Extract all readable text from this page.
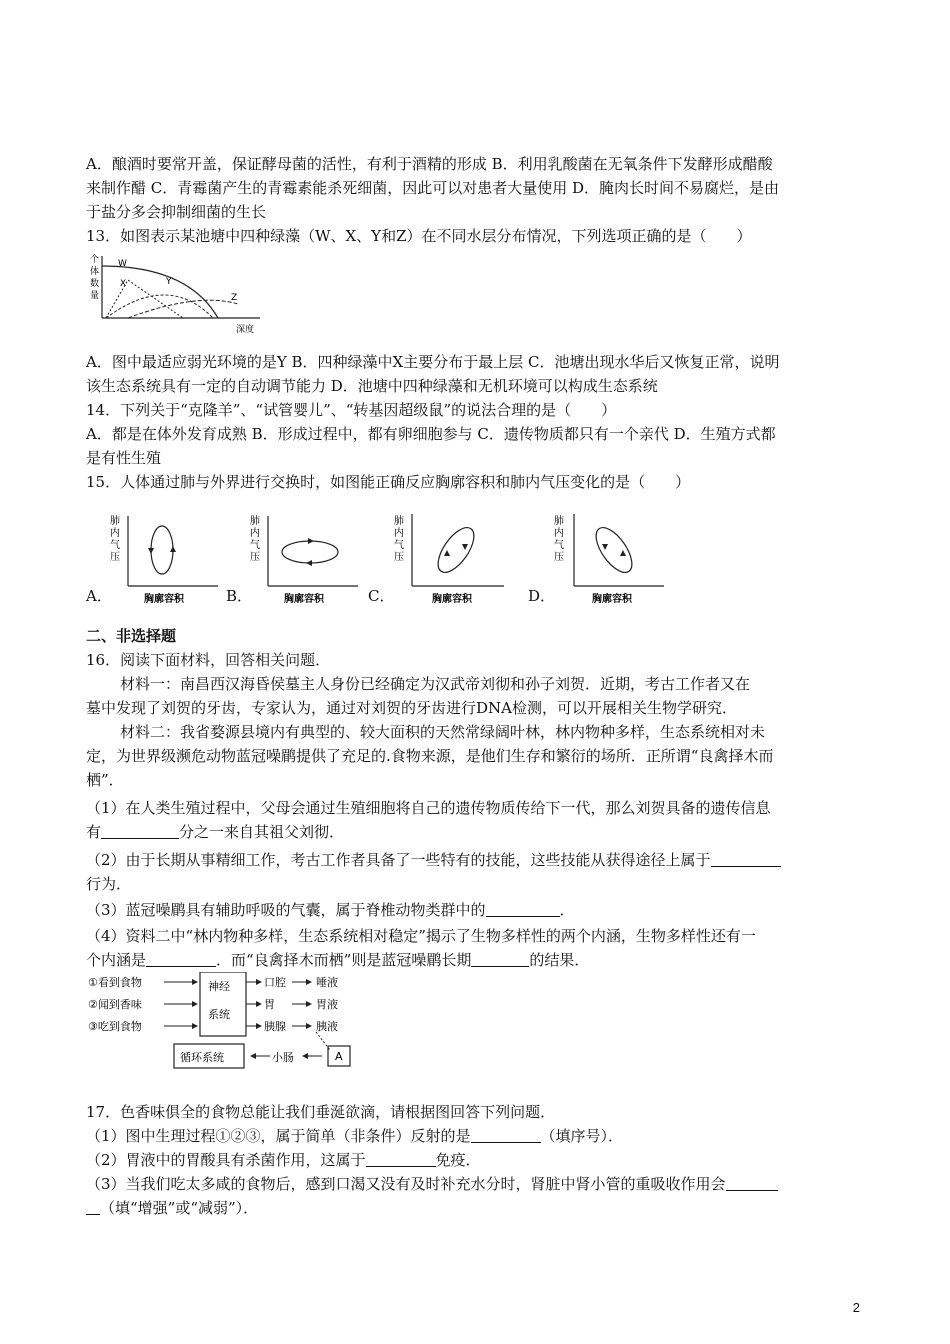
A．酿酒时要常开盖，保证酵母菌的活性，有利于酒精的形成 B．利用乳酸菌在无氧条件下发酵形成醋酸
来制作醋 C．青霉菌产生的青霉素能杀死细菌，因此可以对患者大量使用 D．腌肉长时间不易腐烂，是由
于盐分多会抑制细菌的生长
13．如图表示某池塘中四种绿藻（W、X、Y和Z）在不同水层分布情况，下列选项正确的是（　　）
个
体
数
量
W
X	Y
Z
深度
A．图中最适应弱光环境的是Y B．四种绿藻中X主要分布于最上层 C．池塘出现水华后又恢复正常，说明
该生态系统具有一定的自动调节能力 D．池塘中四种绿藻和无机环境可以构成生态系统
14．下列关于“克隆羊”、“试管婴儿”、“转基因超级鼠”的说法合理的是（　　）
A．都是在体外发育成熟 B．形成过程中，都有卵细胞参与 C．遗传物质都只有一个亲代 D．生殖方式都
是有性生殖
15．人体通过肺与外界进行交换时，如图能正确反应胸廓容积和肺内气压变化的是（　　）
A．
肺
内
气
压
胸廓容积	B．
肺
内
气
压
胸廓容积	C．
肺
内
气
压
胸廓容积	D．
肺
内
气
压
胸廓容积
二、非选择题
16．阅读下面材料，回答相关问题．
材料一：南昌西汉海昏侯墓主人身份已经确定为汉武帝刘彻和孙子刘贺．近期，考古工作者又在
墓中发现了刘贺的牙齿，专家认为，通过对刘贺的牙齿进行DNA检测，可以开展相关生物学研究．
材料二：我省婺源县境内有典型的、较大面积的天然常绿阔叶林，林内物种多样，生态系统相对未
定，为世界级濒危动物蓝冠噪鹛提供了充足的.食物来源，是他们生存和繁衍的场所．正所谓“良禽择木而
栖”．
（1）在人类生殖过程中，父母会通过生殖细胞将自己的遗传物质传给下一代，那么刘贺具备的遗传信息
有	分之一来自其祖父刘彻．
（2）由于长期从事精细工作，考古工作者具备了一些特有的技能，这些技能从获得途径上属于
行为．
（3）蓝冠噪鹛具有辅助呼吸的气囊，属于脊椎动物类群中的	．
（4）资料二中“林内物种多样，生态系统相对稳定”揭示了生物多样性的两个内涵，生物多样性还有一
个内涵是	．而“良禽择木而栖”则是蓝冠噪鹛长期	的结果．
①看到食物
②闻到香味
③吃到食物
神经
系统
口腔
胃
胰腺
唾液
胃液
胰液
循环系统	小肠	A
17．色香味俱全的食物总能让我们垂涎欲滴，请根据图回答下列问题．
（1）图中生理过程①②③，属于简单（非条件）反射的是	（填序号）．
（2）胃液中的胃酸具有杀菌作用，这属于	免疫．
（3）当我们吃太多咸的食物后，感到口渴又没有及时补充水分时，肾脏中肾小管的重吸收作用会
（填“增强”或“减弱”）．
2
